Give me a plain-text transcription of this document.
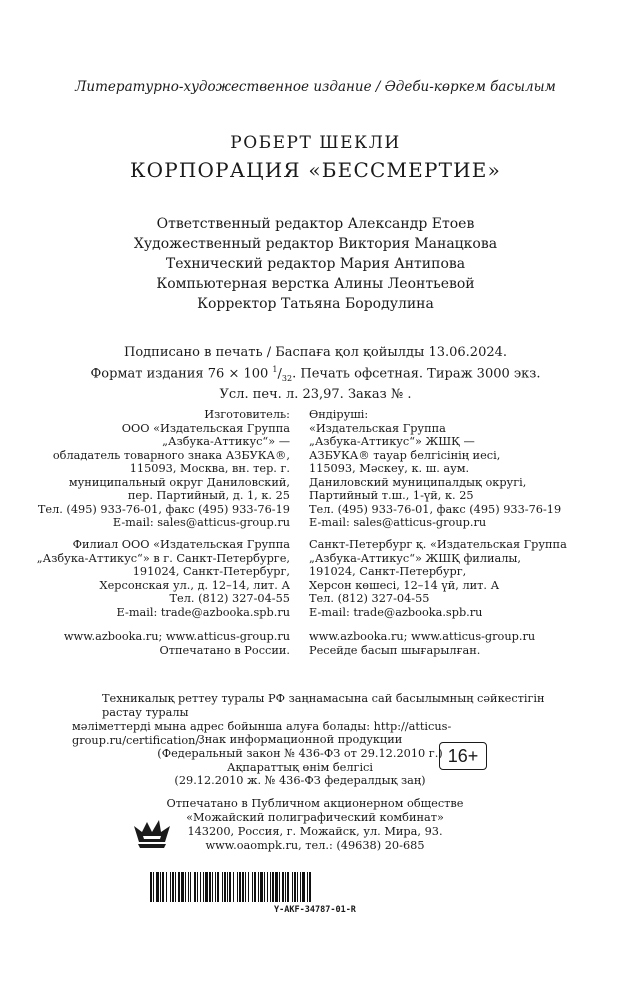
Литературно-художественное издание / Әдеби-көркем басылым
РОБЕРТ ШЕКЛИ
КОРПОРАЦИЯ «БЕССМЕРТИЕ»
Ответственный редактор Александр Етоев
Художественный редактор Виктория Манацкова
Технический редактор Мария Антипова
Компьютерная верстка Алины Леонтьевой
Корректор Татьяна Бородулина
Подписано в печать / Баспаға қол қойылды 13.06.2024.
Формат издания 76 × 100 $^1/_{32}$. Печать офсетная. Тираж 3000 экз.
Усл. печ. л. 23,97. Заказ № .
Изготовитель:
ООО «Издательская Группа
„Азбука-Аттикус“» —
обладатель товарного знака АЗБУКА®,
115093, Москва, вн. тер. г.
муниципальный округ Даниловский,
пер. Партийный, д. 1, к. 25
Тел. (495) 933-76-01, факс (495) 933-76-19
E-mail: sales@atticus-group.ru
Филиал ООО «Издательская Группа
„Азбука-Аттикус“» в г. Санкт-Петербурге,
191024, Санкт-Петербург,
Херсонская ул., д. 12–14, лит. А
Тел. (812) 327-04-55
E-mail: trade@azbooka.spb.ru
www.azbooka.ru; www.atticus-group.ru
Отпечатано в России.
Өндіруші:
«Издательская Группа
„Азбука-Аттикус“» ЖШҚ —
АЗБУКА® тауар белгісінің иесі,
115093, Мәскеу, к. ш. аум.
Даниловский муниципалдық округі,
Партийный т.ш., 1-үй, к. 25
Тел. (495) 933-76-01, факс (495) 933-76-19
E-mail: sales@atticus-group.ru
Санкт-Петербург қ. «Издательская Группа
„Азбука-Аттикус“» ЖШҚ филиалы,
191024, Санкт-Петербург,
Херсон көшесі, 12–14 үй, лит. А
Тел. (812) 327-04-55
E-mail: trade@azbooka.spb.ru
www.azbooka.ru; www.atticus-group.ru
Ресейде басып шығарылған.
Техникалық реттеу туралы РФ заңнамасына сай басылымның сәйкестігін растау туралы
мәліметтерді мына адрес бойынша алуға болады: http://atticus-group.ru/certification/.
Знак информационной продукции
(Федеральный закон № 436-ФЗ от 29.12.2010 г.)
Ақпараттық өнім белгісі
(29.12.2010 ж. № 436-ФЗ федералдық заң)
16+
Отпечатано в Публичном акционерном обществе
«Можайский полиграфический комбинат»
143200, Россия, г. Можайск, ул. Мира, 93.
www.oaompk.ru, тел.: (49638) 20-685
Y-AKF-34787-01-R
